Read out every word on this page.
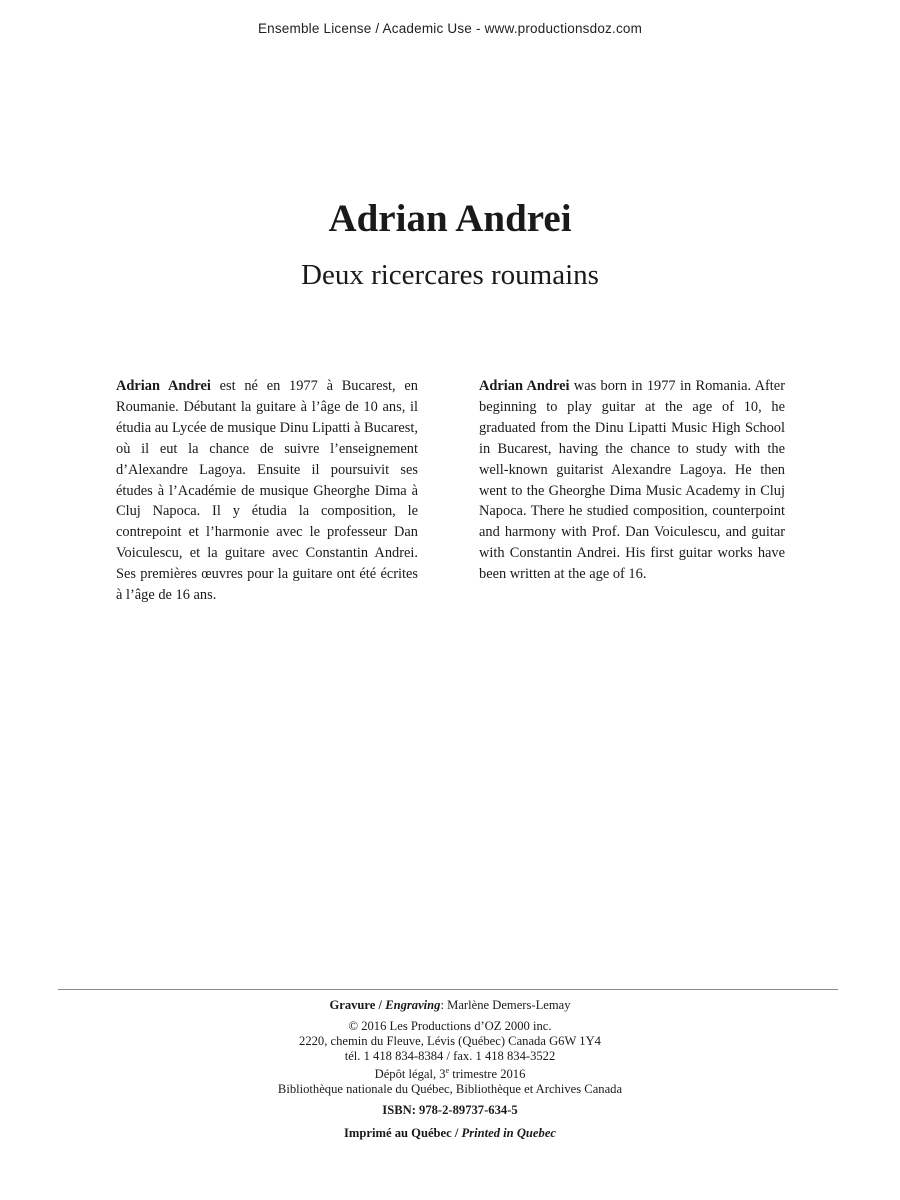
Ensemble License / Academic Use - www.productionsdoz.com
Adrian Andrei
Deux ricercares roumains
Adrian Andrei est né en 1977 à Bucarest, en Roumanie. Débutant la guitare à l’âge de 10 ans, il étudia au Lycée de musique Dinu Lipatti à Bucarest, où il eut la chance de suivre l’enseignement d’Alexandre Lagoya. Ensuite il poursuivit ses études à l’Académie de musique Gheorghe Dima à Cluj Napoca. Il y étudia la composition, le contrepoint et l’harmonie avec le professeur Dan Voiculescu, et la guitare avec Constantin Andrei. Ses premières œuvres pour la guitare ont été écrites à l’âge de 16 ans.
Adrian Andrei was born in 1977 in Romania. After beginning to play guitar at the age of 10, he graduated from the Dinu Lipatti Music High School in Bucarest, having the chance to study with the well-known guitarist Alexandre Lagoya. He then went to the Gheorghe Dima Music Academy in Cluj Napoca. There he studied composition, counterpoint and harmony with Prof. Dan Voiculescu, and guitar with Constantin Andrei. His first guitar works have been written at the age of 16.
Gravure / Engraving: Marlène Demers-Lemay
© 2016 Les Productions d’OZ 2000 inc.
2220, chemin du Fleuve, Lévis (Québec) Canada G6W 1Y4
tél. 1 418 834-8384 / fax. 1 418 834-3522
Dépôt légal, 3e trimestre 2016
Bibliothèque nationale du Québec, Bibliothèque et Archives Canada
ISBN: 978-2-89737-634-5
Imprimé au Québec / Printed in Quebec
